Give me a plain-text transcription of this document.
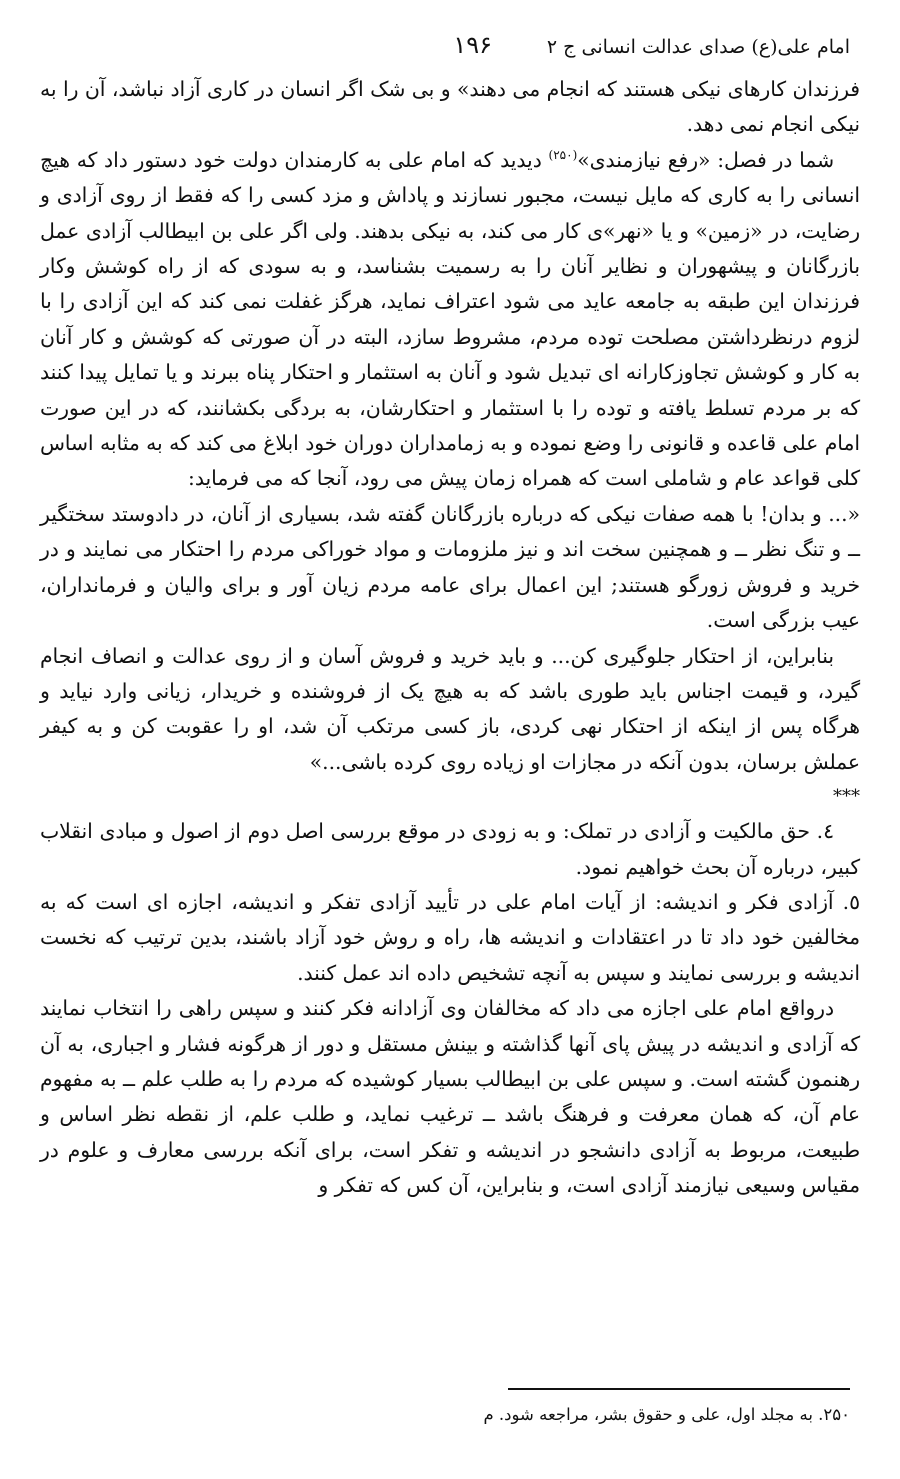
امام علی(ع) صدای عدالت انسانی ج ۲
۱۹۶

فرزندان کارهای نیکی هستند که انجام می دهند» و بی شک اگر انسان در کاری آزاد نباشد، آن را به نیکی انجام نمی دهد.

شما در فصل: «رفع نیازمندی»$^{(۲۵۰)}$ دیدید که امام علی به کارمندان دولت خود دستور داد که هیچ انسانی را به کاری که مایل نیست، مجبور نسازند و پاداش و مزد کسی را که فقط از روی آزادی و رضایت، در «زمین» و یا «نهر»ی کار می کند، به نیکی بدهند. ولی اگر علی بن ابیطالب آزادی عمل بازرگانان و پیشهوران و نظایر آنان را به رسمیت بشناسد، و به سودی که از راه کوشش وکار فرزندان این طبقه به جامعه عاید می شود اعتراف نماید، هرگز غفلت نمی کند که این آزادی را با لزوم درنظرداشتن مصلحت توده مردم، مشروط سازد، البته در آن صورتی که کوشش و کار آنان به کار و کوشش تجاوزکارانه ای تبدیل شود و آنان به استثمار و احتکار پناه ببرند و یا تمایل پیدا کنند که بر مردم تسلط یافته و توده را با استثمار و احتکارشان، به بردگی بکشانند، که در این صورت امام علی قاعده و قانونی را وضع نموده و به زمامداران دوران خود ابلاغ می کند که به مثابه اساس کلی قواعد عام و شاملی است که همراه زمان پیش می رود، آنجا که می فرماید:

«... و بدان! با همه صفات نیکی که درباره بازرگانان گفته شد، بسیاری از آنان، در دادوستد سختگیر ــ و تنگ نظر ــ و همچنین سخت اند و نیز ملزومات و مواد خوراکی مردم را احتکار می نمایند و در خرید و فروش زورگو هستند; این اعمال برای عامه مردم زیان آور و برای والیان و فرمانداران، عیب بزرگی است.

بنابراین، از احتکار جلوگیری کن... و باید خرید و فروش آسان و از روی عدالت و انصاف انجام گیرد، و قیمت اجناس باید طوری باشد که به هیچ یک از فروشنده و خریدار، زیانی وارد نیاید و هرگاه پس از اینکه از احتکار نهی کردی، باز کسی مرتکب آن شد، او را عقوبت کن و به کیفر عملش برسان، بدون آنکه در مجازات او زیاده روی کرده باشی...»

***

٤. حق مالکیت و آزادی در تملک: و به زودی در موقع بررسی اصل دوم از اصول و مبادی انقلاب کبیر، درباره آن بحث خواهیم نمود.

٥. آزادی فکر و اندیشه: از آیات امام علی در تأیید آزادی تفکر و اندیشه، اجازه ای است که به مخالفین خود داد تا در اعتقادات و اندیشه ها، راه و روش خود آزاد باشند، بدین ترتیب که نخست اندیشه و بررسی نمایند و سپس به آنچه تشخیص داده اند عمل کنند.

درواقع امام علی اجازه می داد که مخالفان وی آزادانه فکر کنند و سپس راهی را انتخاب نمایند که آزادی و اندیشه در پیش پای آنها گذاشته و بینش مستقل و دور از هرگونه فشار و اجباری، به آن رهنمون گشته است. و سپس علی بن ابیطالب بسیار کوشیده که مردم را به طلب علم ــ به مفهوم عام آن، که همان معرفت و فرهنگ باشد ــ ترغیب نماید، و طلب علم، از نقطه نظر اساس و طبیعت، مربوط به آزادی دانشجو در اندیشه و تفکر است، برای آنکه بررسی معارف و علوم در مقیاس وسیعی نیازمند آزادی است، و بنابراین، آن کس که تفکر و

۲۵۰. به مجلد اول، علی و حقوق بشر، مراجعه شود. م
